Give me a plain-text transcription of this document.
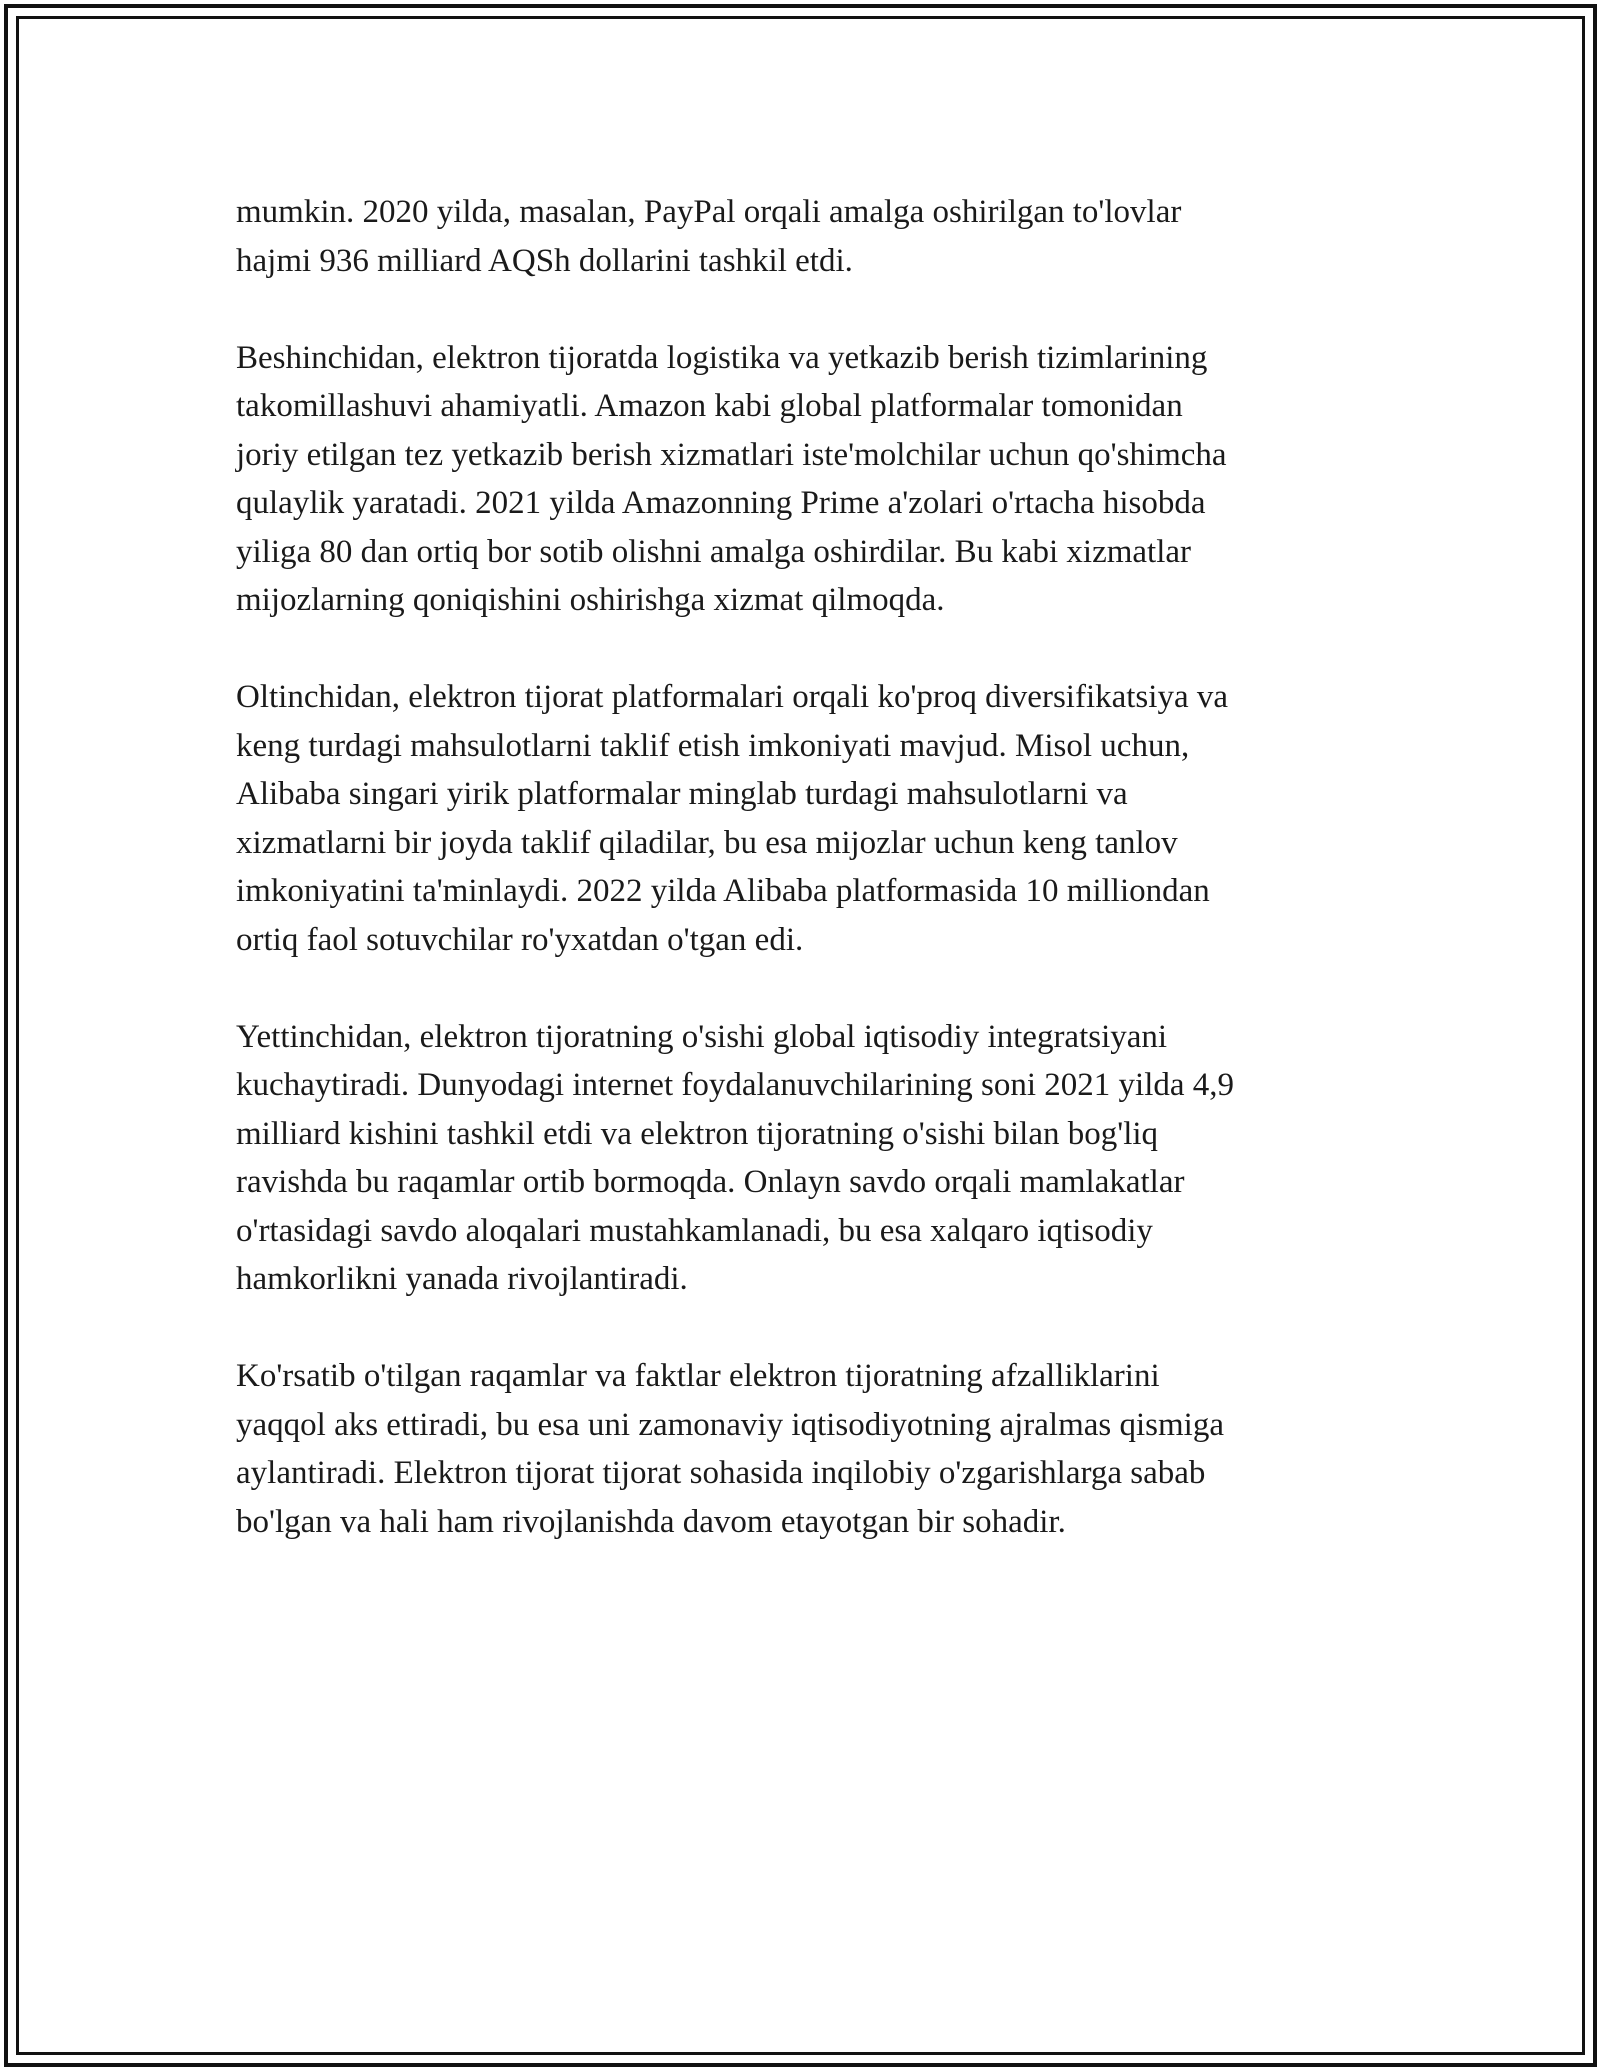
mumkin. 2020 yilda, masalan, PayPal orqali amalga oshirilgan to'lovlar
hajmi 936 milliard AQSh dollarini tashkil etdi.

Beshinchidan, elektron tijoratda logistika va yetkazib berish tizimlarining
takomillashuvi ahamiyatli. Amazon kabi global platformalar tomonidan
joriy etilgan tez yetkazib berish xizmatlari iste'molchilar uchun qo'shimcha
qulaylik yaratadi. 2021 yilda Amazonning Prime a'zolari o'rtacha hisobda
yiliga 80 dan ortiq bor sotib olishni amalga oshirdilar. Bu kabi xizmatlar
mijozlarning qoniqishini oshirishga xizmat qilmoqda.

Oltinchidan, elektron tijorat platformalari orqali ko'proq diversifikatsiya va
keng turdagi mahsulotlarni taklif etish imkoniyati mavjud. Misol uchun,
Alibaba singari yirik platformalar minglab turdagi mahsulotlarni va
xizmatlarni bir joyda taklif qiladilar, bu esa mijozlar uchun keng tanlov
imkoniyatini ta'minlaydi. 2022 yilda Alibaba platformasida 10 milliondan
ortiq faol sotuvchilar ro'yxatdan o'tgan edi.

Yettinchidan, elektron tijoratning o'sishi global iqtisodiy integratsiyani
kuchaytiradi. Dunyodagi internet foydalanuvchilarining soni 2021 yilda 4,9
milliard kishini tashkil etdi va elektron tijoratning o'sishi bilan bog'liq
ravishda bu raqamlar ortib bormoqda. Onlayn savdo orqali mamlakatlar
o'rtasidagi savdo aloqalari mustahkamlanadi, bu esa xalqaro iqtisodiy
hamkorlikni yanada rivojlantiradi.

Ko'rsatib o'tilgan raqamlar va faktlar elektron tijoratning afzalliklarini
yaqqol aks ettiradi, bu esa uni zamonaviy iqtisodiyotning ajralmas qismiga
aylantiradi. Elektron tijorat tijorat sohasida inqilobiy o'zgarishlarga sabab
bo'lgan va hali ham rivojlanishda davom etayotgan bir sohadir.
